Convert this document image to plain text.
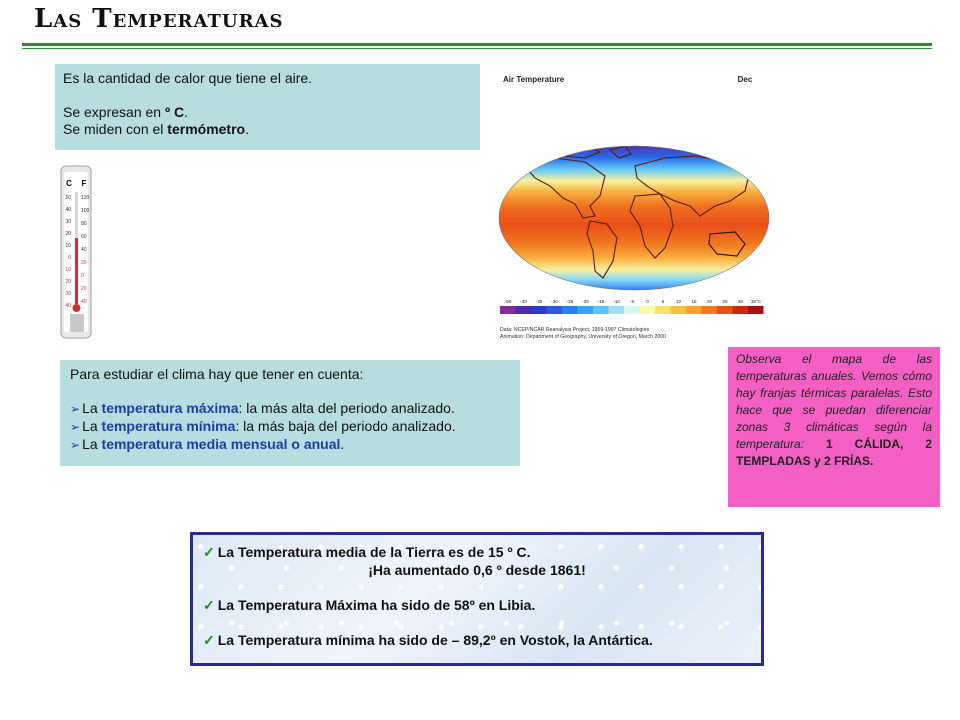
Las Temperaturas

Es la cantidad de calor que tiene el aire.

Se expresan en º C.

Se miden con el termómetro.

C F
50
40
30
20
10
0
10
20
30
40
120
100
80
60
40
20
0
20
40

Para estudiar el clima hay que tener en cuenta:

➢ La temperatura máxima: la más alta del periodo analizado.

➢ La temperatura mínima: la más baja del periodo analizado.

➢ La temperatura media mensual o anual.

Air Temperature	Dec
-50 -40 -35 -30 -25 -20 -15 -10 -5	0	5	10 15 20 25 30 35°C
Data: NCEP/NCAR Reanalysis Project, 1959-1997 Climatologies
Animation: Department of Geography, University of Oregon, March 2000
Observa el mapa de las temperaturas anuales. Vemos cómo hay franjas térmicas paralelas. Esto hace que se puedan diferenciar zonas 3 climáticas según la temperatura: 1 CÁLIDA, 2 TEMPLADAS y 2 FRÍAS.

✓ La Temperatura media de la Tierra es de 15 º C.

¡Ha aumentado 0,6 º desde 1861!

✓ La Temperatura Máxima ha sido de 58º en Libia.

✓ La Temperatura mínima ha sido de – 89,2º en Vostok, la Antártica.
